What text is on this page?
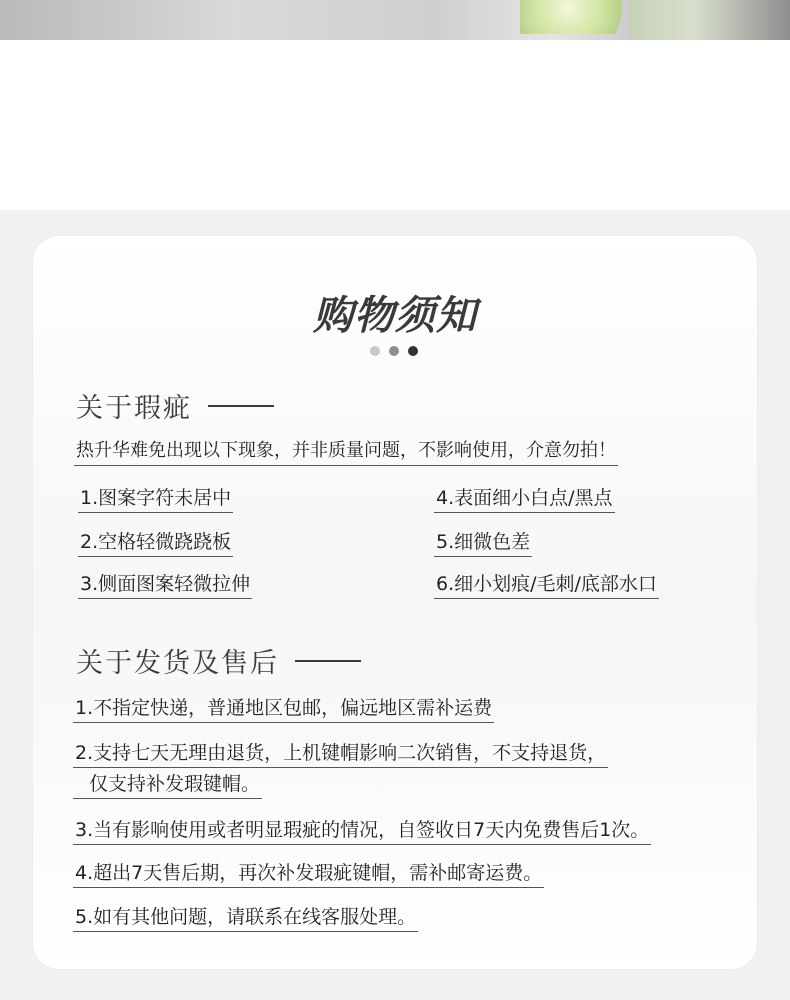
购物须知
关于瑕疵
热升华难免出现以下现象，并非质量问题，不影响使用，介意勿拍！
1.图案字符未居中
2.空格轻微跷跷板
3.侧面图案轻微拉伸
4.表面细小白点/黑点
5.细微色差
6.细小划痕/毛刺/底部水口
关于发货及售后
1.不指定快递，普通地区包邮，偏远地区需补运费
2.支持七天无理由退货，上机键帽影响二次销售，不支持退货，
仅支持补发瑕键帽。
3.当有影响使用或者明显瑕疵的情况，自签收日7天内免费售后1次。
4.超出7天售后期，再次补发瑕疵键帽，需补邮寄运费。
5.如有其他问题，请联系在线客服处理。
